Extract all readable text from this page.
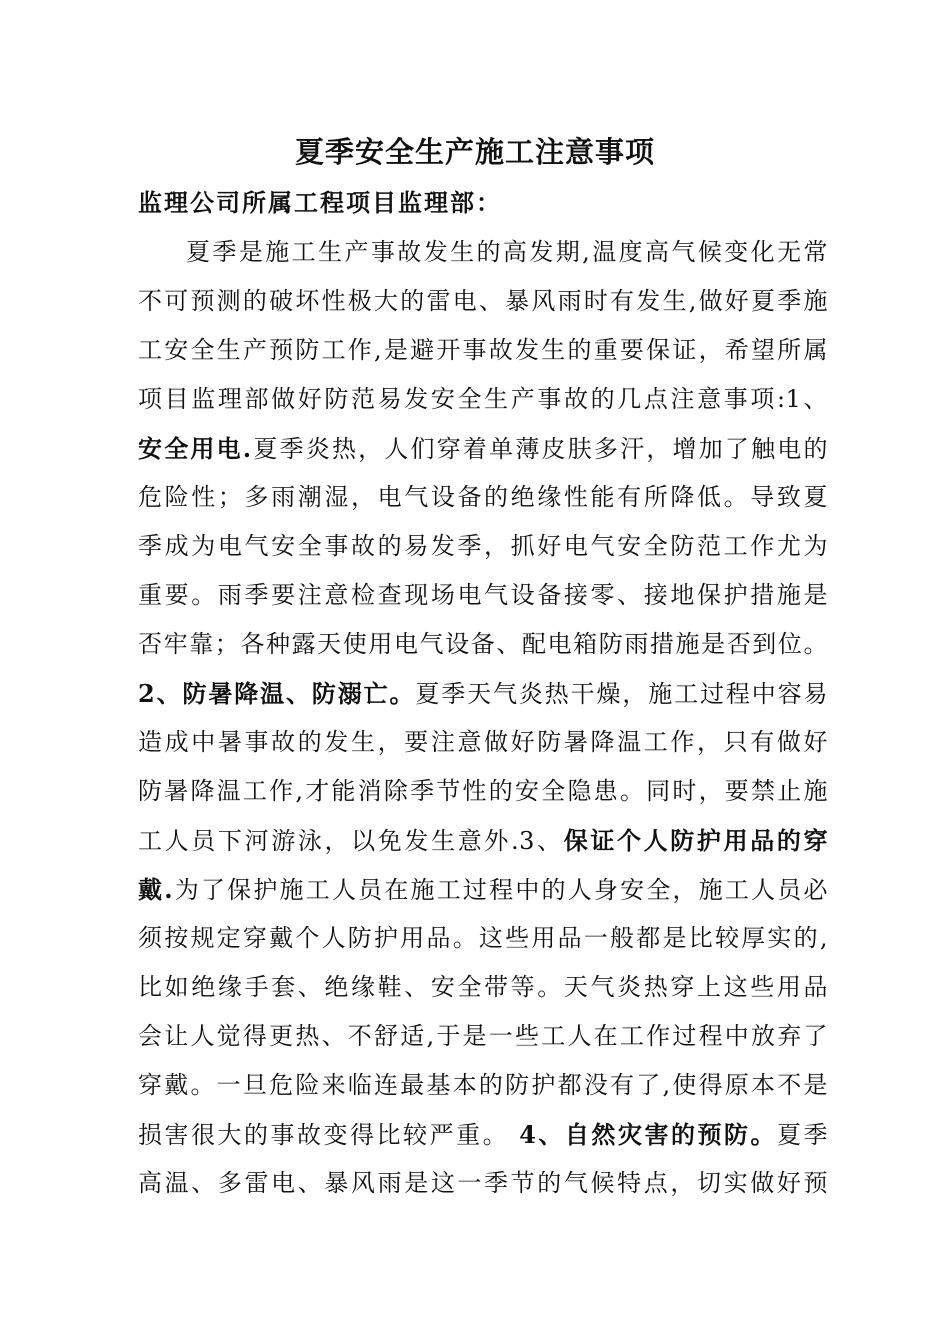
夏季安全生产施工注意事项
监理公司所属工程项目监理部：
夏季是施工生产事故发生的高发期,温度高气候变化无常
不可预测的破坏性极大的雷电、暴风雨时有发生,做好夏季施
工安全生产预防工作,是避开事故发生的重要保证，希望所属
项目监理部做好防范易发安全生产事故的几点注意事项:1、
安全用电.夏季炎热，人们穿着单薄皮肤多汗，增加了触电的
危险性；多雨潮湿，电气设备的绝缘性能有所降低。导致夏
季成为电气安全事故的易发季，抓好电气安全防范工作尤为
重要。雨季要注意检查现场电气设备接零、接地保护措施是
否牢靠；各种露天使用电气设备、配电箱防雨措施是否到位。
2、防暑降温、防溺亡。夏季天气炎热干燥，施工过程中容易
造成中暑事故的发生，要注意做好防暑降温工作，只有做好
防暑降温工作,才能消除季节性的安全隐患。同时，要禁止施
工人员下河游泳，以免发生意外.3、保证个人防护用品的穿
戴.为了保护施工人员在施工过程中的人身安全，施工人员必
须按规定穿戴个人防护用品。这些用品一般都是比较厚实的,
比如绝缘手套、绝缘鞋、安全带等。天气炎热穿上这些用品
会让人觉得更热、不舒适,于是一些工人在工作过程中放弃了
穿戴。一旦危险来临连最基本的防护都没有了,使得原本不是
损害很大的事故变得比较严重。 4、自然灾害的预防。夏季
高温、多雷电、暴风雨是这一季节的气候特点，切实做好预
